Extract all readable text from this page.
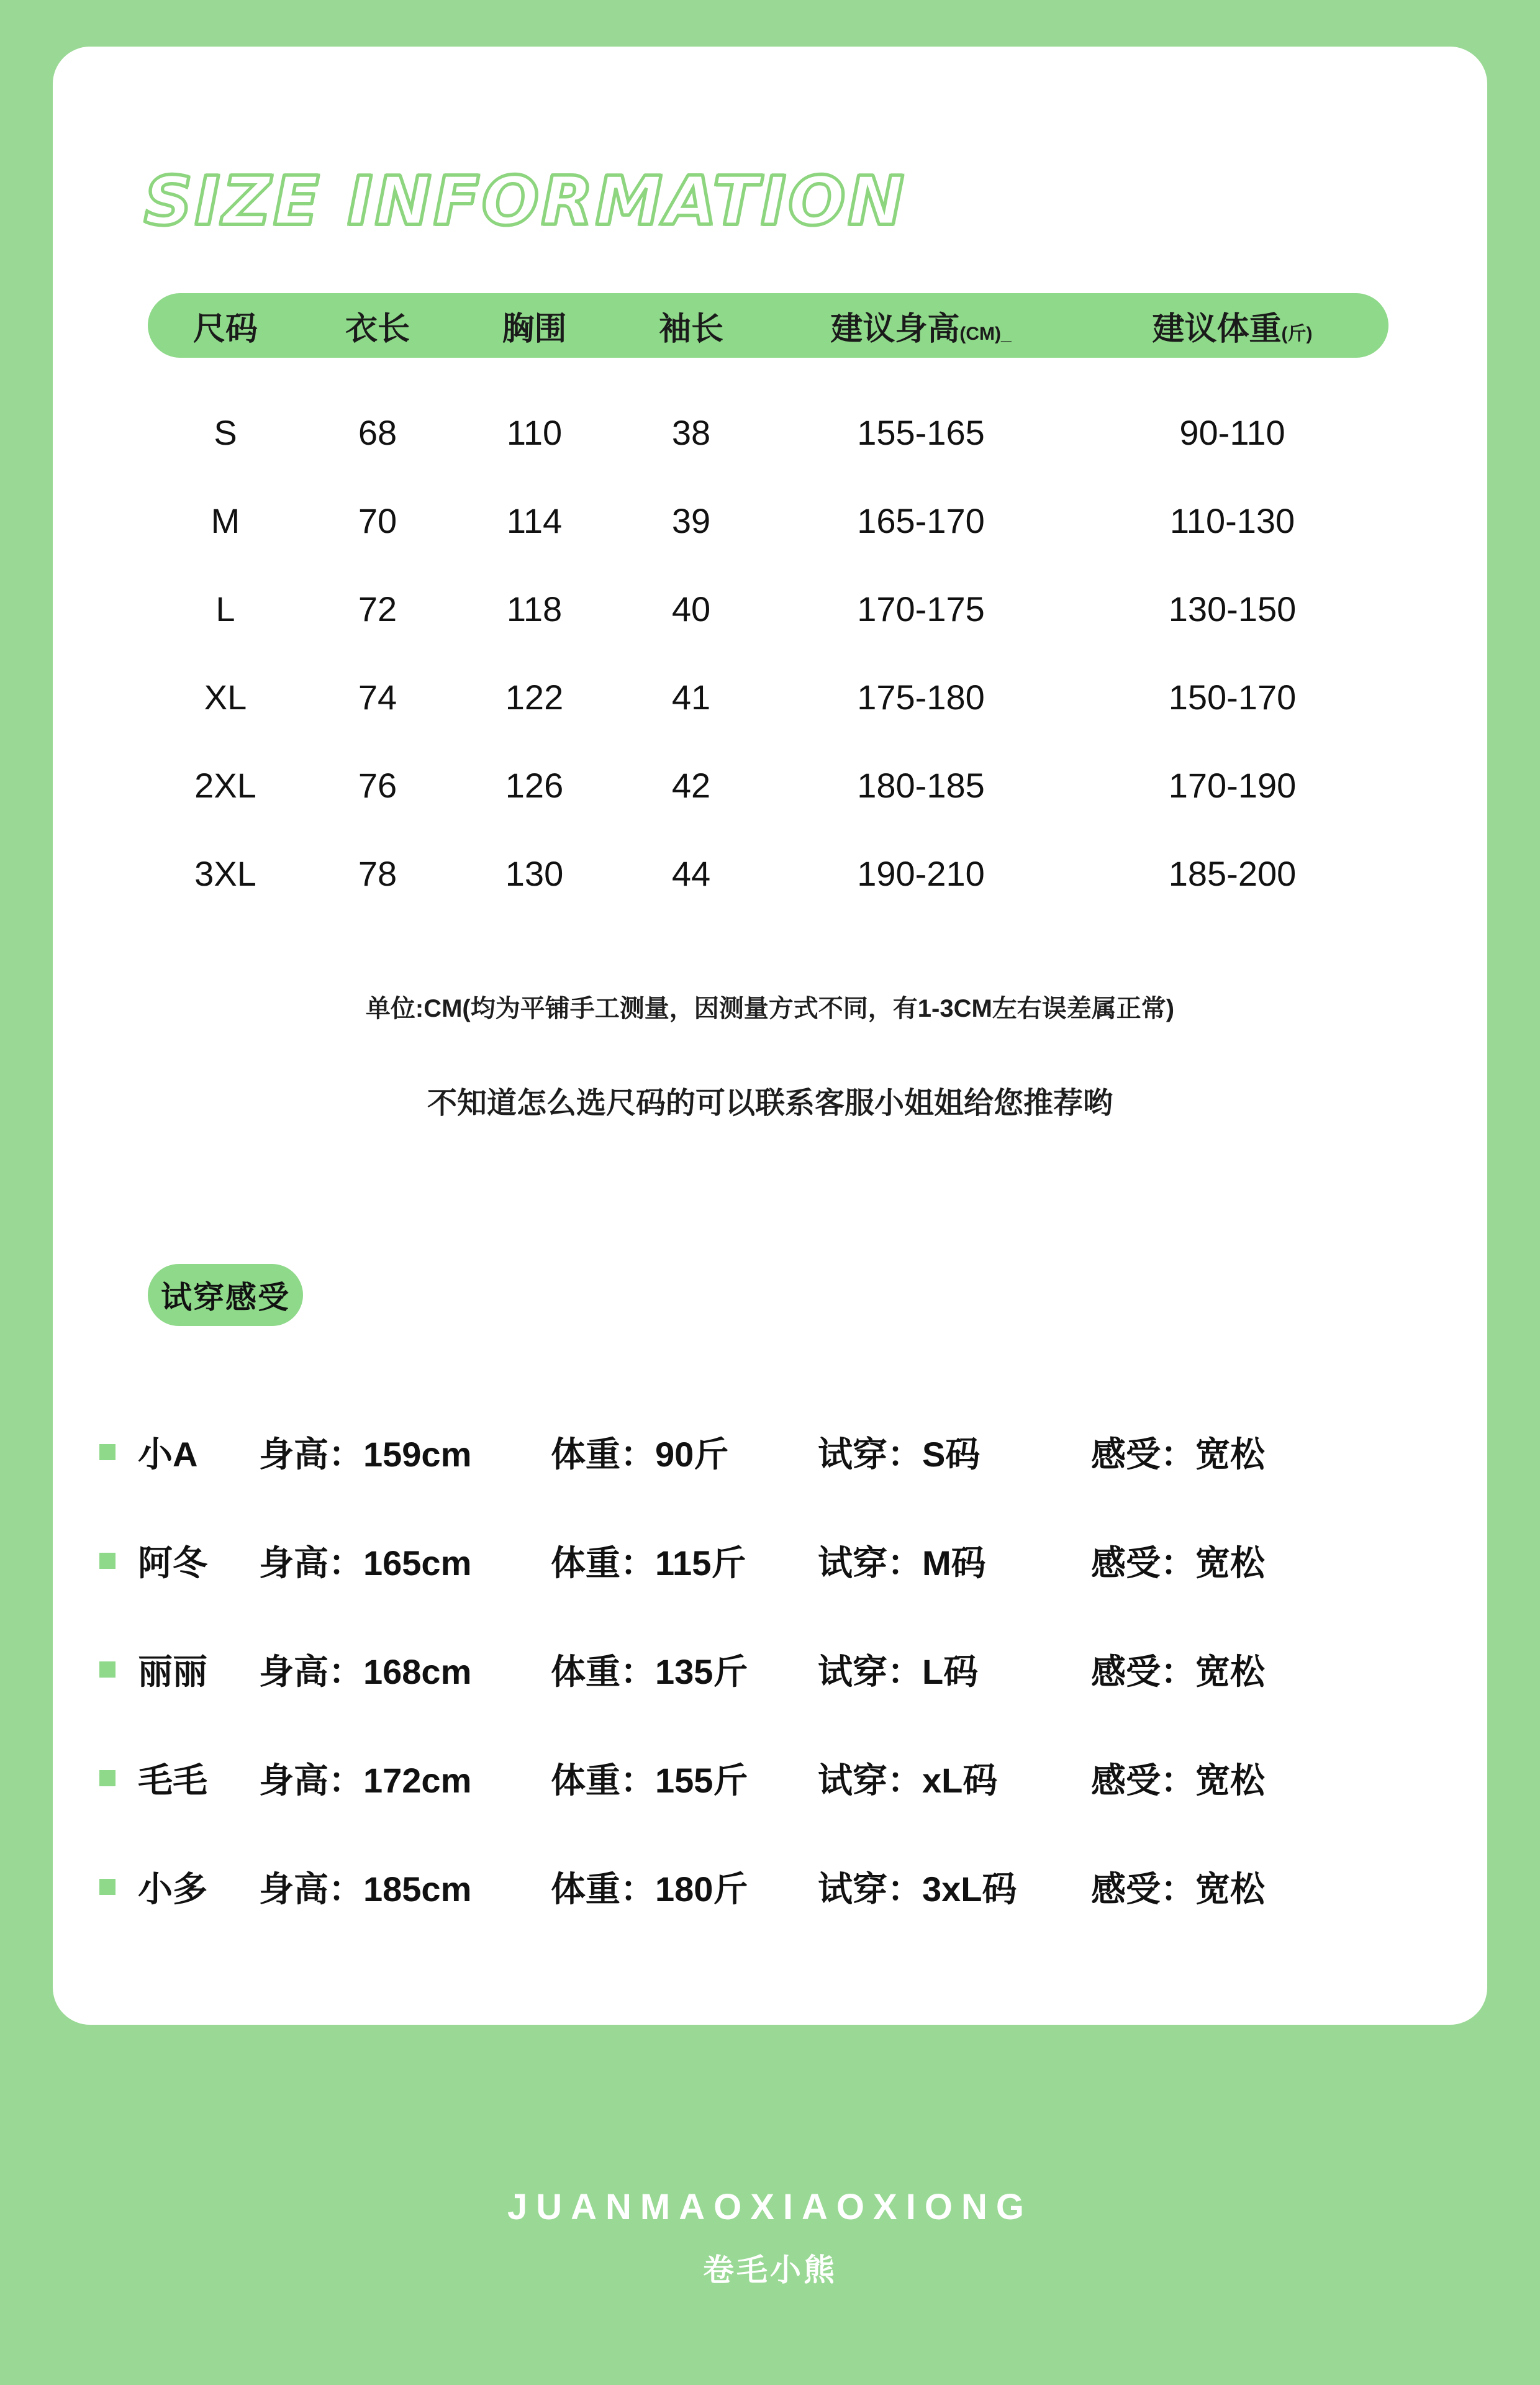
SIZE INFORMATION
尺码	衣长	胸围	袖长	建议身高(CM)_	建议体重(斤)
S	68	110	38	155-165	90-110
M	70	114	39	165-170	110-130
L	72	118	40	170-175	130-150
XL	74	122	41	175-180	150-170
2XL	76	126	42	180-185	170-190
3XL	78	130	44	190-210	185-200
单位:CM(均为平铺手工测量，因测量方式不同，有1-3CM左右误差属正常)
不知道怎么选尺码的可以联系客服小姐姐给您推荐哟
试穿感受
小A	身高：159cm	体重：90斤	试穿：S码	感受：宽松
阿冬	身高：165cm	体重：115斤	试穿：M码	感受：宽松
丽丽	身高：168cm	体重：135斤	试穿：L码	感受：宽松
毛毛	身高：172cm	体重：155斤	试穿：xL码	感受：宽松
小多	身高：185cm	体重：180斤	试穿：3xL码	感受：宽松
JUANMAOXIAOXIONG
卷毛小熊
